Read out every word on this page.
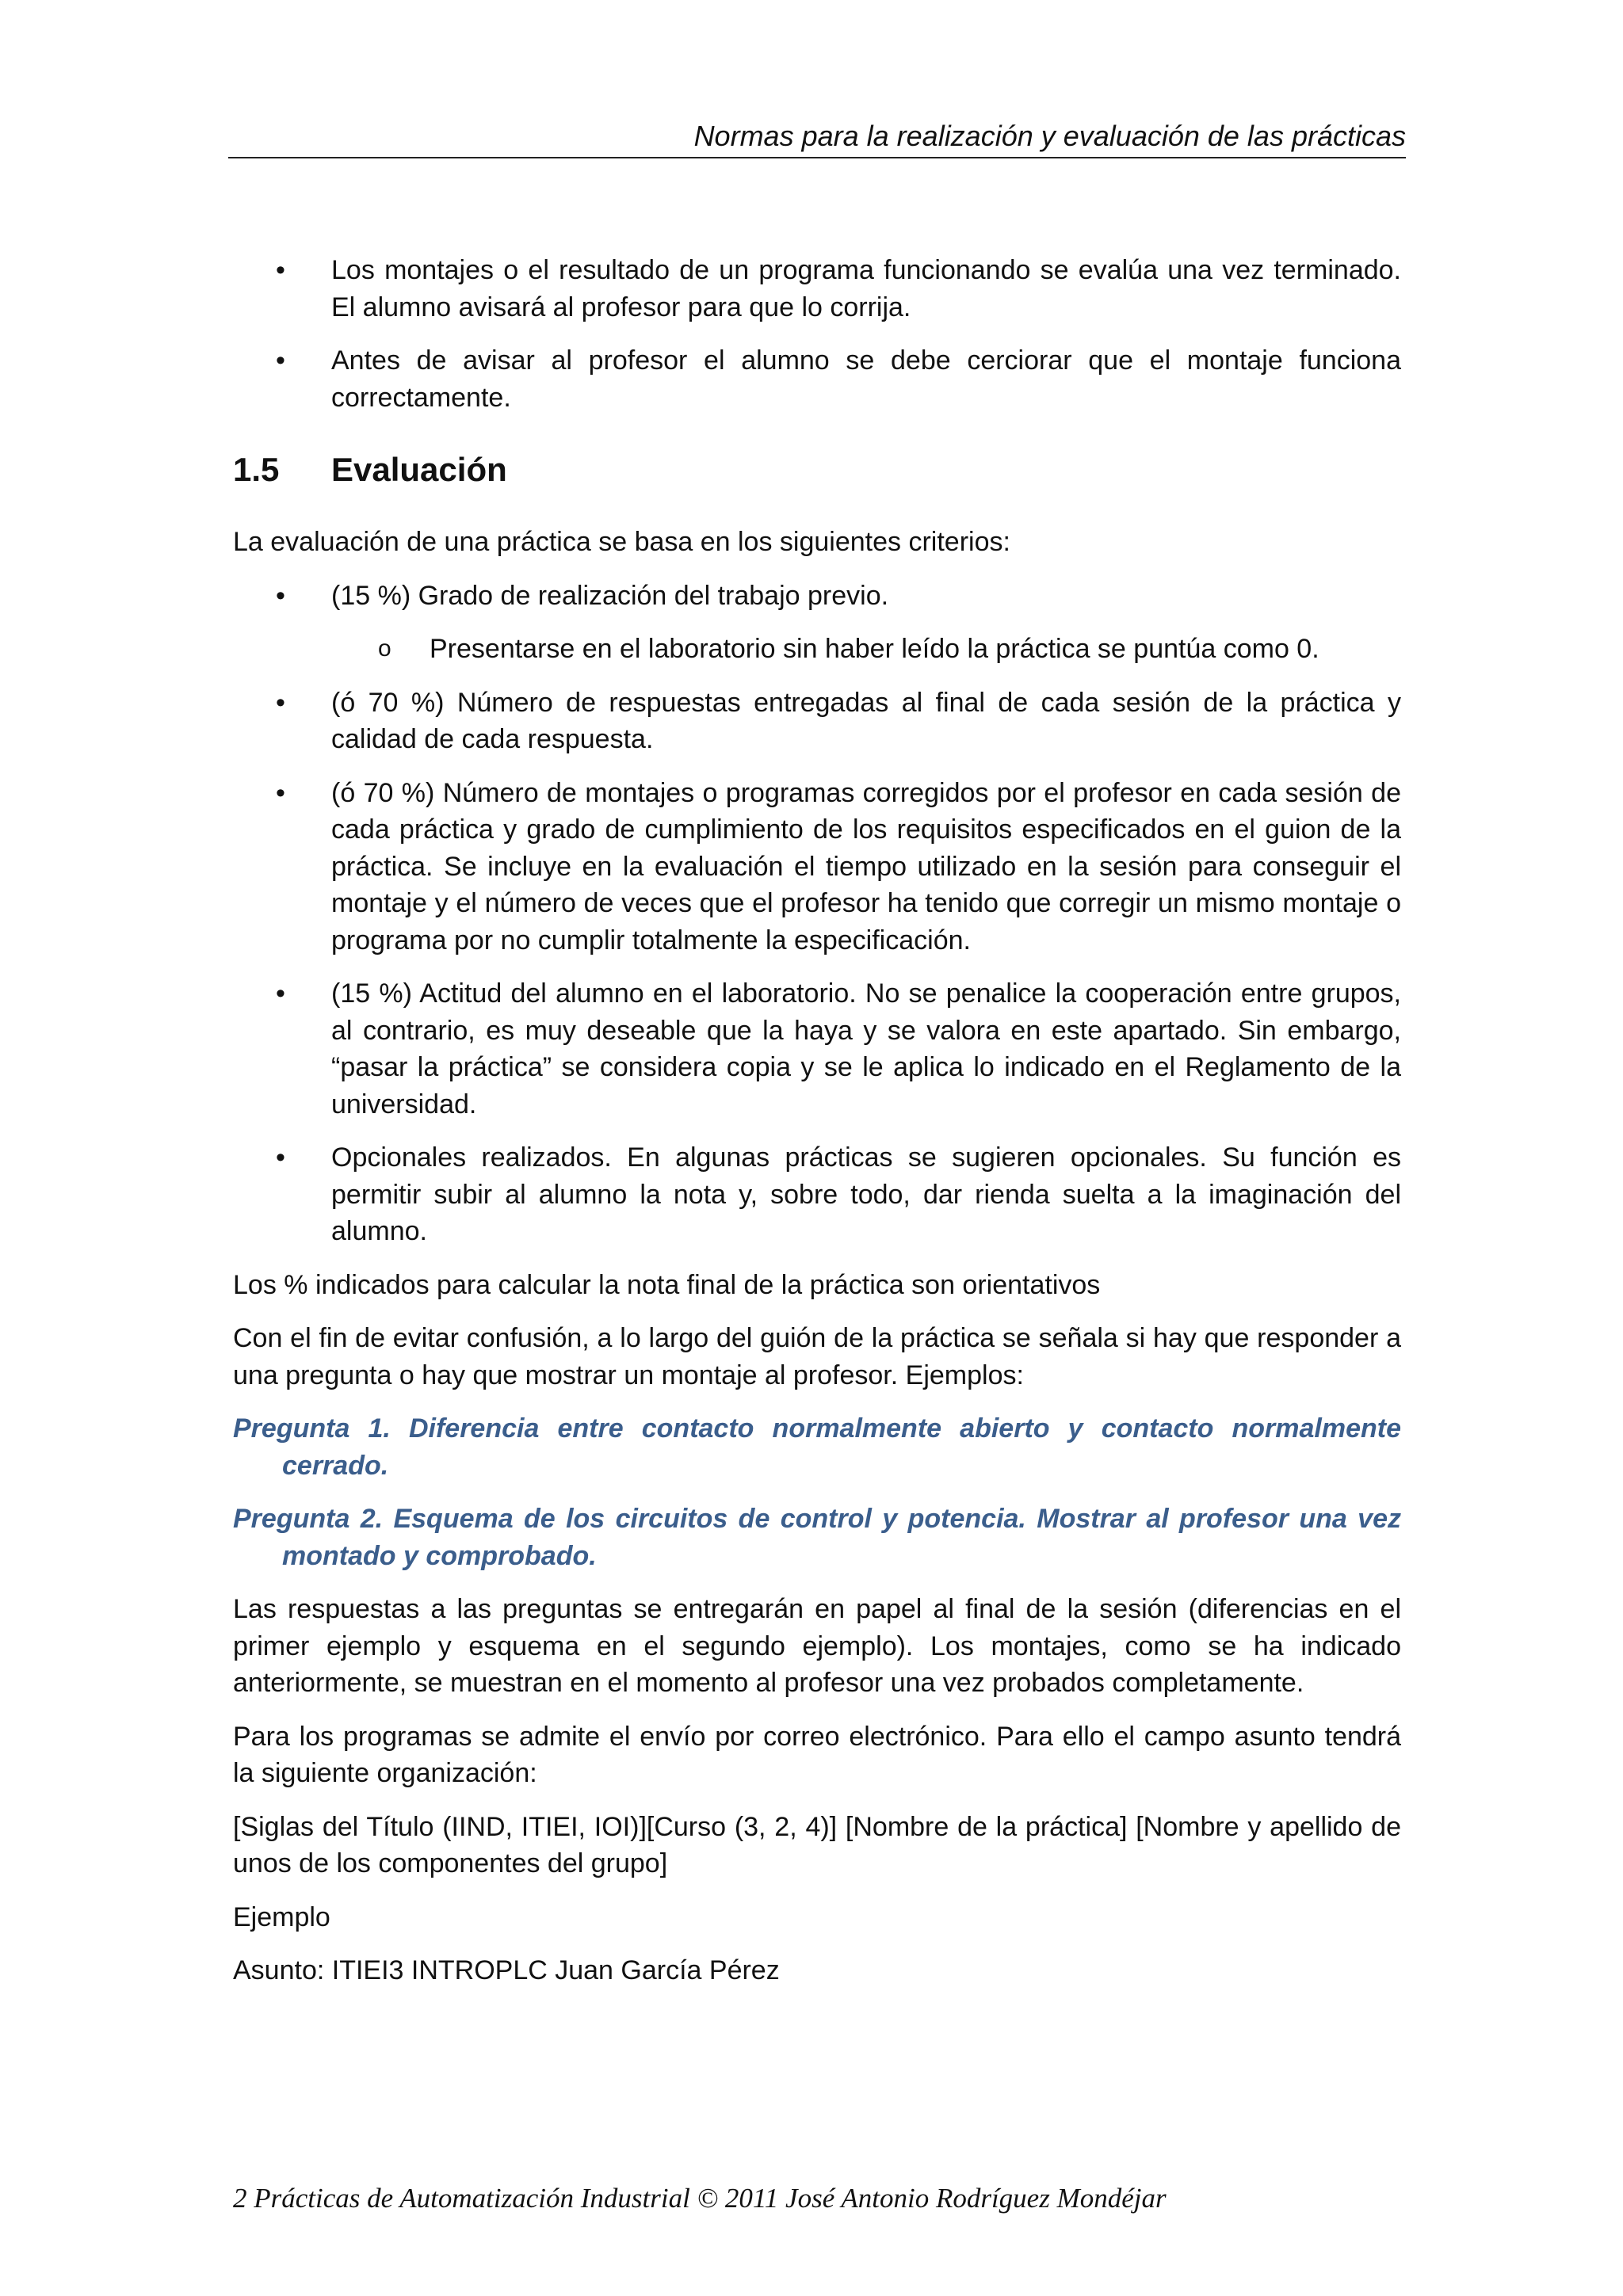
Normas para la realización y evaluación de las prácticas
• Los montajes o el resultado de un programa funcionando se evalúa una vez terminado. El alumno avisará al profesor para que lo corrija.
• Antes de avisar al profesor el alumno se debe cerciorar que el montaje funciona correctamente.
1.5	Evaluación

La evaluación de una práctica se basa en los siguientes criterios:

• (15 %) Grado de realización del trabajo previo.
o Presentarse en el laboratorio sin haber leído la práctica se puntúa como 0.
• (ó 70 %) Número de respuestas entregadas al final de cada sesión de la práctica y calidad de cada respuesta.
• (ó 70 %) Número de montajes o programas corregidos por el profesor en cada sesión de cada práctica y grado de cumplimiento de los requisitos especificados en el guion de la práctica. Se incluye en la evaluación el tiempo utilizado en la sesión para conseguir el montaje y el número de veces que el profesor ha tenido que corregir un mismo montaje o programa por no cumplir totalmente la especificación.
• (15 %) Actitud del alumno en el laboratorio. No se penalice la cooperación entre grupos, al contrario, es muy deseable que la haya y se valora en este apartado. Sin embargo, “pasar la práctica” se considera copia y se le aplica lo indicado en el Reglamento de la universidad.
• Opcionales realizados. En algunas prácticas se sugieren opcionales. Su función es permitir subir al alumno la nota y, sobre todo, dar rienda suelta a la imaginación del alumno.

Los % indicados para calcular la nota final de la práctica son orientativos

Con el fin de evitar confusión, a lo largo del guión de la práctica se señala si hay que responder a una pregunta o hay que mostrar un montaje al profesor. Ejemplos:

Pregunta 1. Diferencia entre contacto normalmente abierto y contacto normalmente cerrado.

Pregunta 2. Esquema de los circuitos de control y potencia. Mostrar al profesor una vez montado y comprobado.

Las respuestas a las preguntas se entregarán en papel al final de la sesión (diferencias en el primer ejemplo y esquema en el segundo ejemplo). Los montajes, como se ha indicado anteriormente, se muestran en el momento al profesor una vez probados completamente.

Para los programas se admite el envío por correo electrónico. Para ello el campo asunto tendrá la siguiente organización:

[Siglas del Título (IIND, ITIEI, IOI)][Curso (3, 2, 4)] [Nombre de la práctica] [Nombre y apellido de unos de los componentes del grupo]

Ejemplo

Asunto: ITIEI3 INTROPLC Juan García Pérez

2 Prácticas de Automatización Industrial © 2011 José Antonio Rodríguez Mondéjar
